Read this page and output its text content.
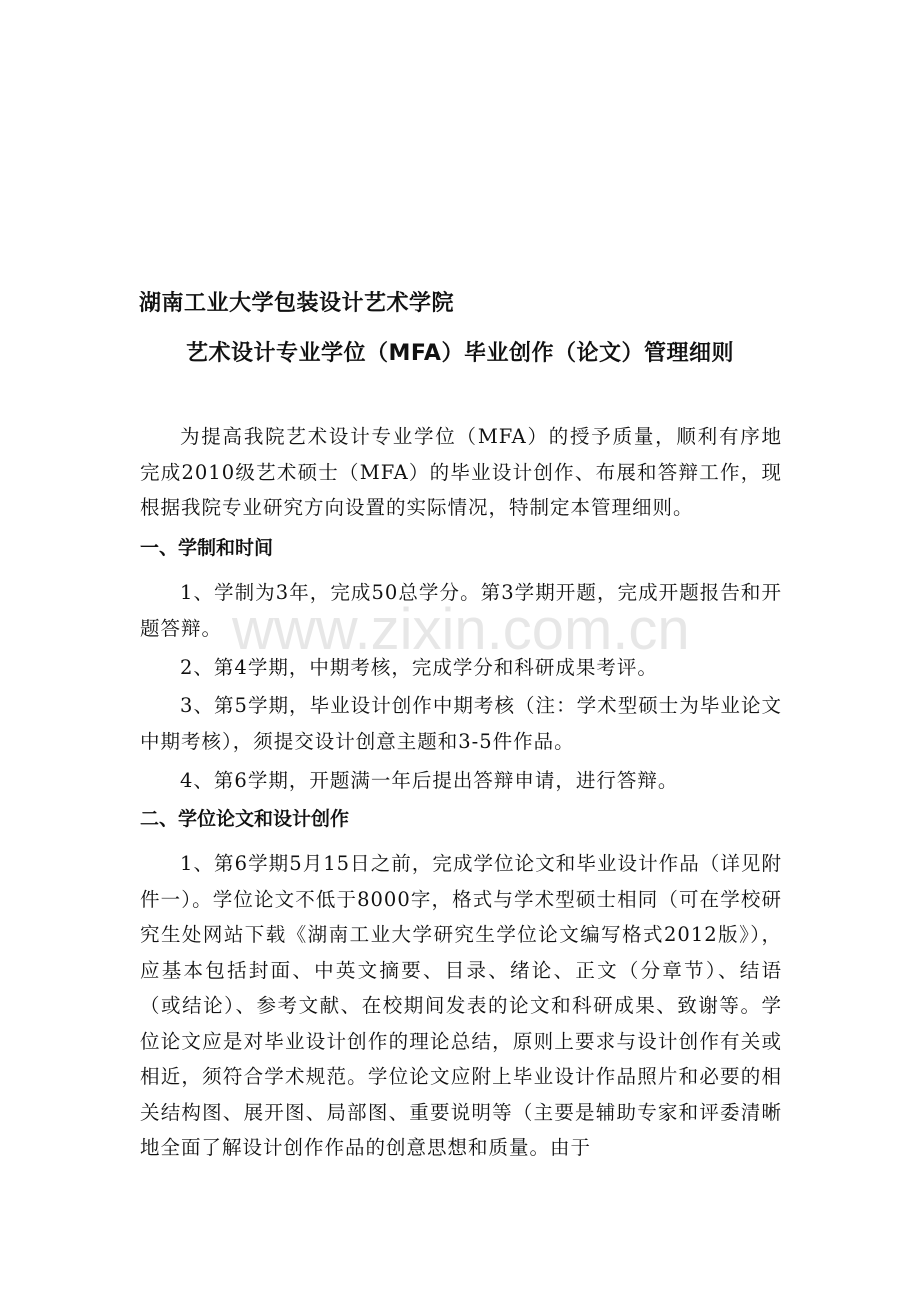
湖南工业大学包装设计艺术学院
艺术设计专业学位（MFA）毕业创作（论文）管理细则
为提高我院艺术设计专业学位（MFA）的授予质量，顺利有序地完成2010级艺术硕士（MFA）的毕业设计创作、布展和答辩工作，现根据我院专业研究方向设置的实际情况，特制定本管理细则。
一、学制和时间
1、学制为3年，完成50总学分。第3学期开题，完成开题报告和开题答辩。
2、第4学期，中期考核，完成学分和科研成果考评。
3、第5学期，毕业设计创作中期考核（注：学术型硕士为毕业论文中期考核），须提交设计创意主题和3-5件作品。
4、第6学期，开题满一年后提出答辩申请，进行答辩。
二、学位论文和设计创作
1、第6学期5月15日之前，完成学位论文和毕业设计作品（详见附件一）。学位论文不低于8000字，格式与学术型硕士相同（可在学校研究生处网站下载《湖南工业大学研究生学位论文编写格式2012版》），应基本包括封面、中英文摘要、目录、绪论、正文（分章节）、结语（或结论）、参考文献、在校期间发表的论文和科研成果、致谢等。学位论文应是对毕业设计创作的理论总结，原则上要求与设计创作有关或相近，须符合学术规范。学位论文应附上毕业设计作品照片和必要的相关结构图、展开图、局部图、重要说明等（主要是辅助专家和评委清晰地全面了解设计创作作品的创意思想和质量。由于
www.zixin.com.cn
